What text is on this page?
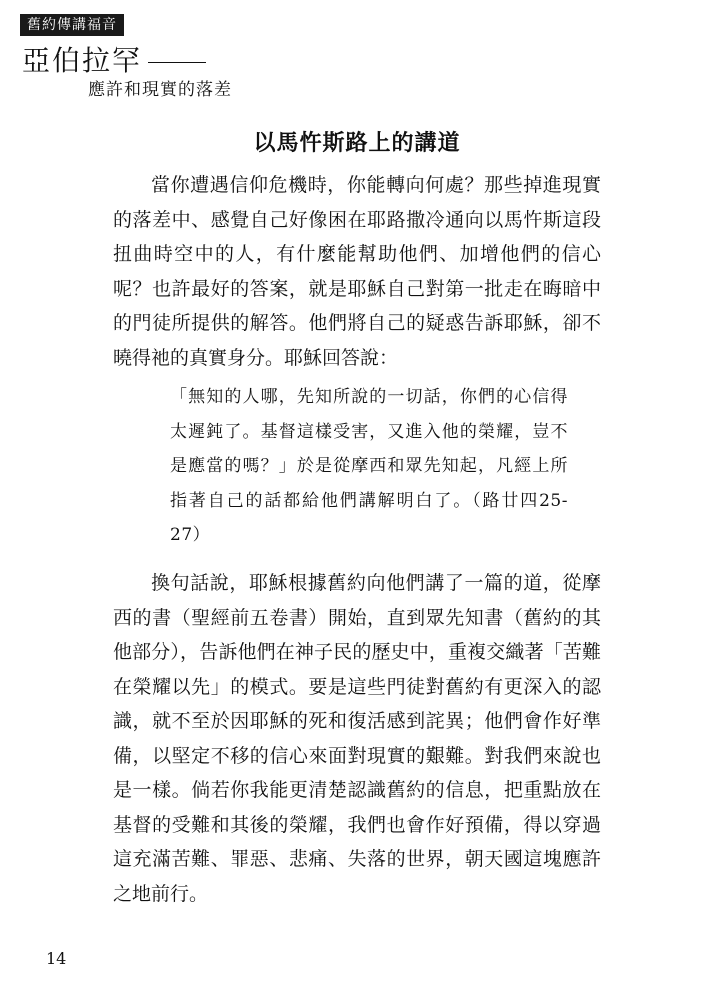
舊約傳講福音
亞伯拉罕
應許和現實的落差
以馬忤斯路上的講道

當你遭遇信仰危機時，你能轉向何處？那些掉進現實的落差中、感覺自己好像困在耶路撒冷通向以馬忤斯這段扭曲時空中的人，有什麼能幫助他們、加增他們的信心呢？也許最好的答案，就是耶穌自己對第一批走在晦暗中的門徒所提供的解答。他們將自己的疑惑告訴耶穌，卻不曉得祂的真實身分。耶穌回答說：

「無知的人哪，先知所說的一切話，你們的心信得太遲鈍了。基督這樣受害，又進入他的榮耀，豈不是應當的嗎？」於是從摩西和眾先知起，凡經上所指著自己的話都給他們講解明白了。（路廿四25-27）

換句話說，耶穌根據舊約向他們講了一篇的道，從摩西的書（聖經前五卷書）開始，直到眾先知書（舊約的其他部分），告訴他們在神子民的歷史中，重複交織著「苦難在榮耀以先」的模式。要是這些門徒對舊約有更深入的認識，就不至於因耶穌的死和復活感到詫異；他們會作好準備，以堅定不移的信心來面對現實的艱難。對我們來說也是一樣。倘若你我能更清楚認識舊約的信息，把重點放在基督的受難和其後的榮耀，我們也會作好預備，得以穿過這充滿苦難、罪惡、悲痛、失落的世界，朝天國這塊應許之地前行。

14
